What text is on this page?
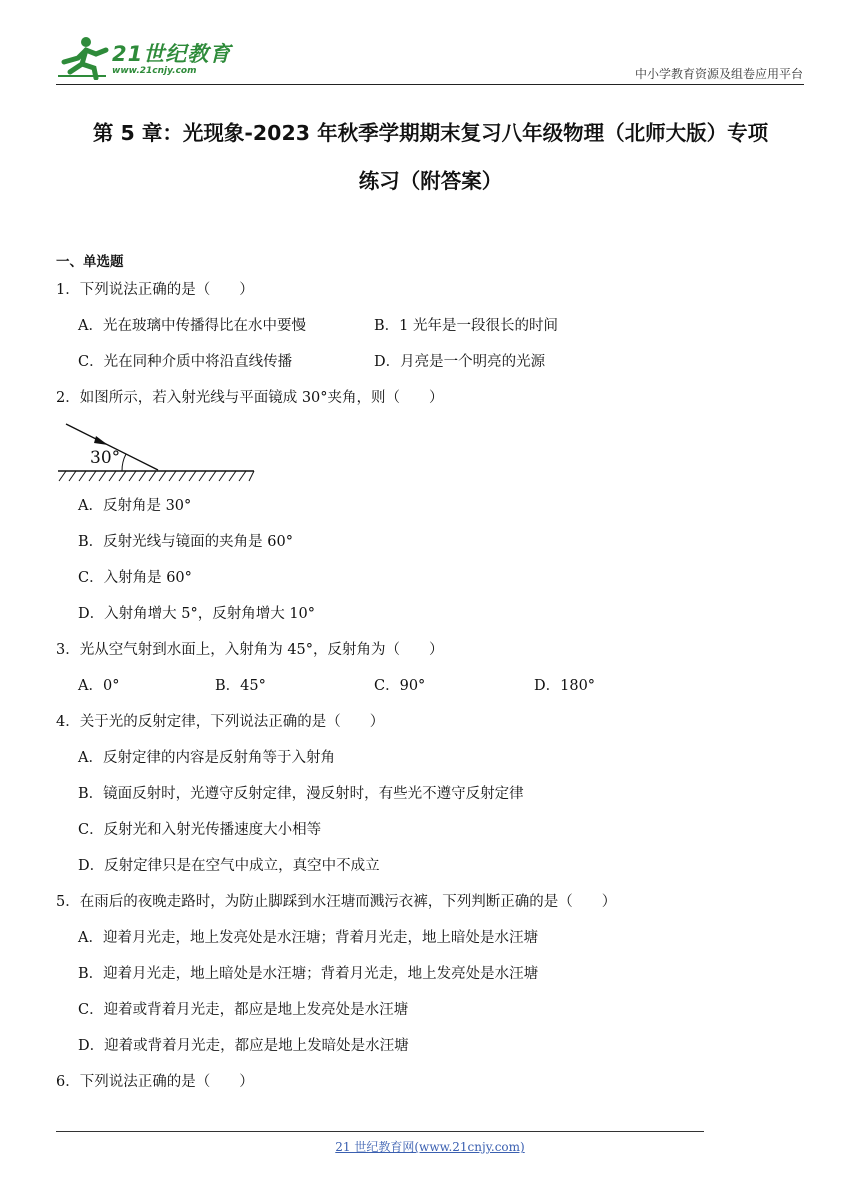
21世纪教育
www.21cnjy.com	中小学教育资源及组卷应用平台
第 5 章：光现象-2023 年秋季学期期末复习八年级物理（北师大版）专项
练习（附答案）
一、单选题
1．下列说法正确的是（　　）
A．光在玻璃中传播得比在水中要慢	B．1 光年是一段很长的时间
C．光在同种介质中将沿直线传播	D．月亮是一个明亮的光源
2．如图所示，若入射光线与平面镜成 30°夹角，则（　　）
30°
A．反射角是 30°
B．反射光线与镜面的夹角是 60°
C．入射角是 60°
D．入射角增大 5°，反射角增大 10°
3．光从空气射到水面上，入射角为 45°，反射角为（　　）
A．0°	B．45°	C．90°	D．180°
4．关于光的反射定律，下列说法正确的是（　　）
A．反射定律的内容是反射角等于入射角
B．镜面反射时，光遵守反射定律，漫反射时，有些光不遵守反射定律
C．反射光和入射光传播速度大小相等
D．反射定律只是在空气中成立，真空中不成立
5．在雨后的夜晚走路时，为防止脚踩到水汪塘而溅污衣裤，下列判断正确的是（　　）
A．迎着月光走，地上发亮处是水汪塘；背着月光走，地上暗处是水汪塘
B．迎着月光走，地上暗处是水汪塘；背着月光走，地上发亮处是水汪塘
C．迎着或背着月光走，都应是地上发亮处是水汪塘
D．迎着或背着月光走，都应是地上发暗处是水汪塘
6．下列说法正确的是（　　）
21 世纪教育网(www.21cnjy.com)
